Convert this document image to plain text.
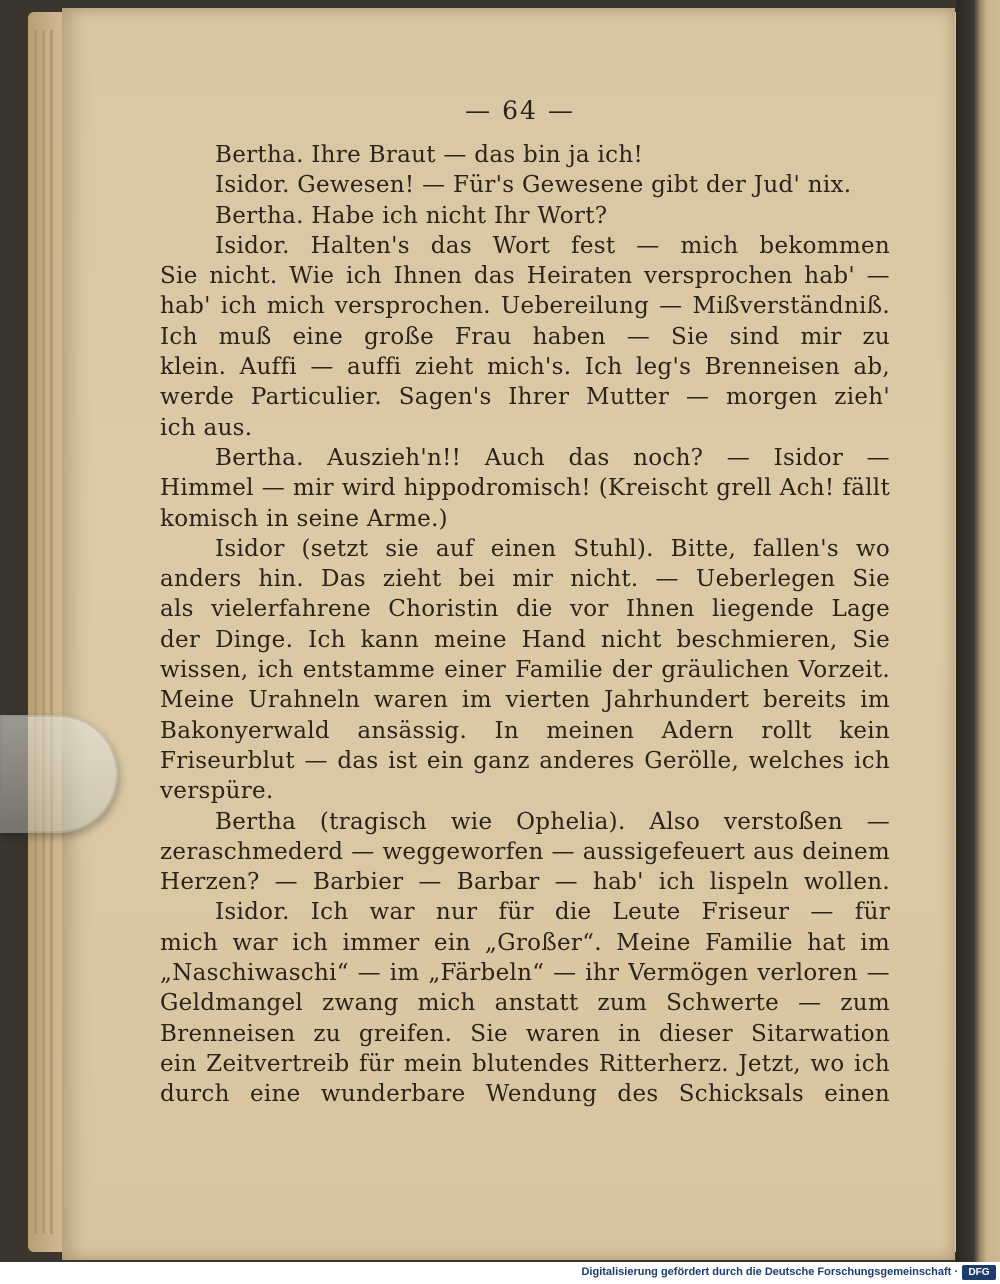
— 64 —
Bertha. Ihre Braut — das bin ja ich!
Isidor. Gewesen! — Für's Gewesene gibt der Jud' nix.
Bertha. Habe ich nicht Ihr Wort?
Isidor. Halten's das Wort fest — mich bekommen
Sie nicht. Wie ich Ihnen das Heiraten versprochen hab' —
hab' ich mich versprochen. Uebereilung — Mißverständniß.
Ich muß eine große Frau haben — Sie sind mir zu
klein. Auffi — auffi zieht mich's. Ich leg's Brenneisen ab,
werde Particulier. Sagen's Ihrer Mutter — morgen zieh'
ich aus.
Bertha. Auszieh'n!! Auch das noch? — Isidor —
Himmel — mir wird hippodromisch! (Kreischt grell Ach! fällt
komisch in seine Arme.)
Isidor (setzt sie auf einen Stuhl). Bitte, fallen's wo
anders hin. Das zieht bei mir nicht. — Ueberlegen Sie
als vielerfahrene Choristin die vor Ihnen liegende Lage
der Dinge. Ich kann meine Hand nicht beschmieren, Sie
wissen, ich entstamme einer Familie der gräulichen Vorzeit.
Meine Urahneln waren im vierten Jahrhundert bereits im
Bakonyerwald ansässig. In meinen Adern rollt kein
Friseurblut — das ist ein ganz anderes Gerölle, welches ich
verspüre.
Bertha (tragisch wie Ophelia). Also verstoßen —
zeraschmederd — weggeworfen — aussigefeuert aus deinem
Herzen? — Barbier — Barbar — hab' ich lispeln wollen.
Isidor. Ich war nur für die Leute Friseur — für
mich war ich immer ein „Großer“. Meine Familie hat im
„Naschiwaschi“ — im „Färbeln“ — ihr Vermögen verloren —
Geldmangel zwang mich anstatt zum Schwerte — zum
Brenneisen zu greifen. Sie waren in dieser Sitarwation
ein Zeitvertreib für mein blutendes Ritterherz. Jetzt, wo ich
durch eine wunderbare Wendung des Schicksals einen
Digitalisierung gefördert durch die Deutsche Forschungsgemeinschaft ·	DFG
